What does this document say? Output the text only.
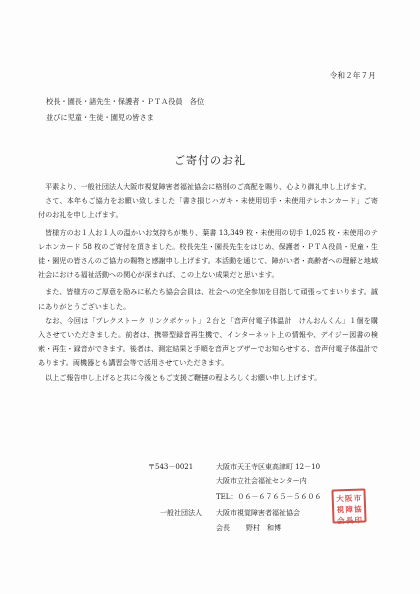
令和２年７月
校長・園長・諸先生・保護者・ＰＴＡ役員　各位
並びに児童・生徒・園児の皆さま
ご寄付のお礼

平素より、一般社団法人大阪市視覚障害者福祉協会に格別のご高配を賜り、心より御礼申し上げます。

さて、本年もご協力をお願い致しました「書き損じハガキ・未使用切手・未使用テレホンカード」ご寄付のお礼を申し上げます。

皆様方のお１人お１人の温かいお気持ちが集り、葉書 13,349 枚・未使用の切手 1,025 枚・未使用のテレホンカード 58 枚のご寄付を頂きました。校長先生・園長先生をはじめ、保護者・ＰＴＡ役員・児童・生徒・園児の皆さんのご協力の賜物と感謝申し上げます。本活動を通じて、障がい者・高齢者への理解と地域社会における福祉活動への関心が深まれば、この上ない成果だと思います。

また、皆様方のご厚意を励みに私たち協会会員は、社会への完全参加を目指して頑張ってまいります。誠にありがとうございました。

なお、今回は「プレクストーク リンクポケット」２台と「音声付電子体温計　けんおんくん」１個を購入させていただきました。前者は、携帯型録音再生機で、インターネット上の情報や、デイジー図書の検索・再生・録音ができます。後者は、測定結果と手順を音声とブザーでお知らせする、音声付電子体温計であります。両機器とも講習会等で活用させていただきます。

以上ご報告申し上げると共に今後ともご支援ご鞭撻の程よろしくお願い申し上げます。

〒543－0021	大阪市天王寺区東高津町 12－10
大阪市立社会福祉センター内
TEL：０６－６７６５－５６０６
一般社団法人 大阪市視覚障害者福祉協会
会長 野村　和博
大 阪 市
視 障 協
会 長 印
